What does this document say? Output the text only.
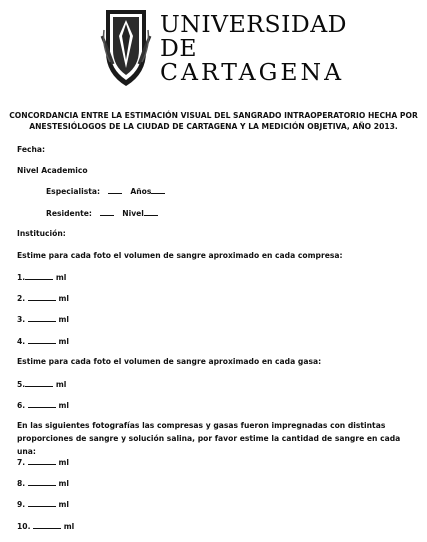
UNIVERSIDAD
DE
CARTAGENA
CONCORDANCIA ENTRE LA ESTIMACIÓN VISUAL DEL SANGRADO INTRAOPERATORIO HECHA POR ANESTESIÓLOGOS DE LA CIUDAD DE CARTAGENA Y LA MEDICIÓN OBJETIVA, AÑO 2013.
Fecha:
Nivel Academico
Especialista:	Años
Residente:	Nivel
Institución:
Estime para cada foto el volumen de sangre aproximado en cada compresa:
1.	ml
2.	ml
3.	ml
4.	ml
Estime para cada foto el volumen de sangre aproximado en cada gasa:
5.	ml
6.	ml
En las siguientes fotografías las compresas y gasas fueron impregnadas con distintas proporciones de sangre y solución salina, por favor estime la cantidad de sangre en cada una:
7.	ml
8.	ml
9.	ml
10.	ml
